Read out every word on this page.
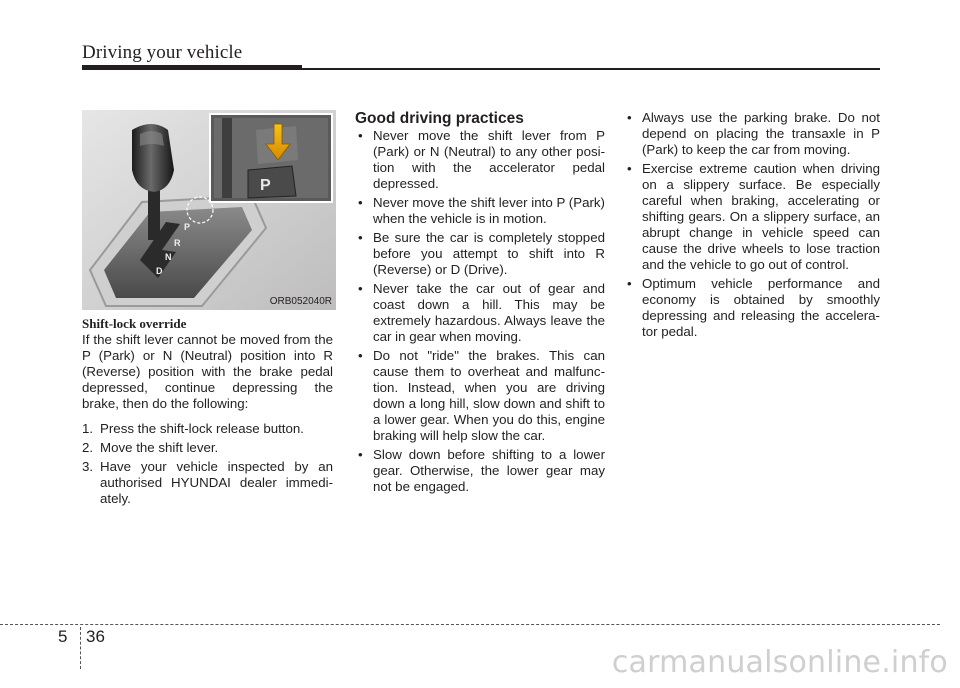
Driving your vehicle
P
R
N
D
P
ORB052040R

Shift-lock override

If the shift lever cannot be moved from the P (Park) or N (Neutral) position into R (Reverse) position with the brake pedal depressed, continue depressing the brake, then do the following:

1. Press the shift-lock release button.
2. Move the shift lever.
3. Have your vehicle inspected by an authorised HYUNDAI dealer immedi-ately.

Good driving practices

• Never move the shift lever from P (Park) or N (Neutral) to any other posi-tion with the accelerator pedal depressed.
• Never move the shift lever into P (Park) when the vehicle is in motion.
• Be sure the car is completely stopped before you attempt to shift into R (Reverse) or D (Drive).
• Never take the car out of gear and coast down a hill. This may be extremely hazardous. Always leave the car in gear when moving.
• Do not "ride" the brakes. This can cause them to overheat and malfunc-tion. Instead, when you are driving down a long hill, slow down and shift to a lower gear. When you do this, engine braking will help slow the car.
• Slow down before shifting to a lower gear. Otherwise, the lower gear may not be engaged.
• Always use the parking brake. Do not depend on placing the transaxle in P (Park) to keep the car from moving.
• Exercise extreme caution when driving on a slippery surface. Be especially careful when braking, accelerating or shifting gears. On a slippery surface, an abrupt change in vehicle speed can cause the drive wheels to lose traction and the vehicle to go out of control.
• Optimum vehicle performance and economy is obtained by smoothly depressing and releasing the accelera-tor pedal.
5 36
carmanualsonline.info
